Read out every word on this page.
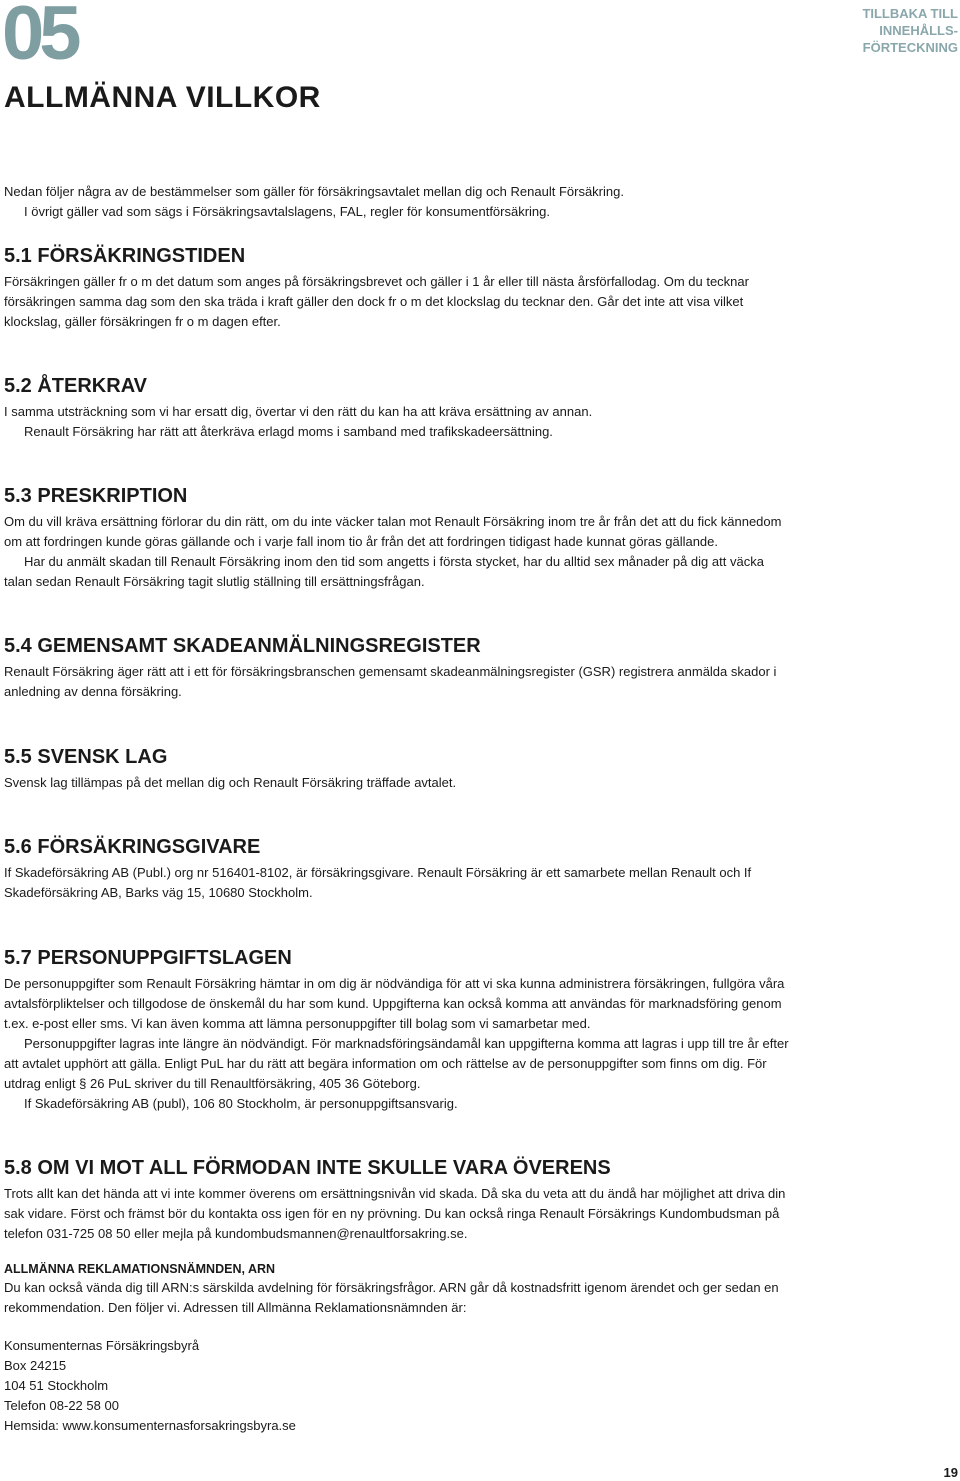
05
ALLMÄNNA VILLKOR
TILLBAKA TILL
INNEHÅLLS-
FÖRTECKNING

Nedan följer några av de bestämmelser som gäller för försäkringsavtalet mellan dig och Renault Försäkring.

I övrigt gäller vad som sägs i Försäkringsavtalslagens, FAL, regler för konsumentförsäkring.

5.1 FÖRSÄKRINGSTIDEN

Försäkringen gäller fr o m det datum som anges på försäkringsbrevet och gäller i 1 år eller till nästa årsförfallodag. Om du tecknar försäkringen samma dag som den ska träda i kraft gäller den dock fr o m det klockslag du tecknar den. Går det inte att visa vilket klockslag, gäller försäkringen fr o m dagen efter.

5.2 ÅTERKRAV

I samma utsträckning som vi har ersatt dig, övertar vi den rätt du kan ha att kräva ersättning av annan.

Renault Försäkring har rätt att återkräva erlagd moms i samband med trafikskadeersättning.

5.3 PRESKRIPTION

Om du vill kräva ersättning förlorar du din rätt, om du inte väcker talan mot Renault Försäkring inom tre år från det att du fick kännedom om att fordringen kunde göras gällande och i varje fall inom tio år från det att fordringen tidigast hade kunnat göras gällande.

Har du anmält skadan till Renault Försäkring inom den tid som angetts i första stycket, har du alltid sex månader på dig att väcka talan sedan Renault Försäkring tagit slutlig ställning till ersättningsfrågan.

5.4 GEMENSAMT SKADEANMÄLNINGSREGISTER

Renault Försäkring äger rätt att i ett för försäkringsbranschen gemensamt skadeanmälningsregister (GSR) registrera anmälda skador i anledning av denna försäkring.

5.5 SVENSK LAG

Svensk lag tillämpas på det mellan dig och Renault Försäkring träffade avtalet.

5.6 FÖRSÄKRINGSGIVARE

If Skadeförsäkring AB (Publ.) org nr 516401-8102, är försäkringsgivare. Renault Försäkring är ett samarbete mellan Renault och If Skadeförsäkring AB, Barks väg 15, 10680 Stockholm.

5.7 PERSONUPPGIFTSLAGEN

De personuppgifter som Renault Försäkring hämtar in om dig är nödvändiga för att vi ska kunna administrera försäkringen, fullgöra våra avtalsförpliktelser och tillgodose de önskemål du har som kund. Uppgifterna kan också komma att användas för marknadsföring genom t.ex. e-post eller sms. Vi kan även komma att lämna personuppgifter till bolag som vi samarbetar med.

Personuppgifter lagras inte längre än nödvändigt. För marknadsföringsändamål kan uppgifterna komma att lagras i upp till tre år efter att avtalet upphört att gälla. Enligt PuL har du rätt att begära information om och rättelse av de personuppgifter som finns om dig. För utdrag enligt § 26 PuL skriver du till Renaultförsäkring, 405 36 Göteborg.

If Skadeförsäkring AB (publ), 106 80 Stockholm, är personuppgiftsansvarig.

5.8 OM VI MOT ALL FÖRMODAN INTE SKULLE VARA ÖVERENS

Trots allt kan det hända att vi inte kommer överens om ersättningsnivån vid skada. Då ska du veta att du ändå har möjlighet att driva din sak vidare. Först och främst bör du kontakta oss igen för en ny prövning. Du kan också ringa Renault Försäkrings Kundombudsman på telefon 031-725 08 50 eller mejla på kundombudsmannen@renaultforsakring.se.

ALLMÄNNA REKLAMATIONSNÄMNDEN, ARN

Du kan också vända dig till ARN:s särskilda avdelning för försäkringsfrågor. ARN går då kostnadsfritt igenom ärendet och ger sedan en rekommendation. Den följer vi. Adressen till Allmänna Reklamationsnämnden är:

Konsumenternas Försäkringsbyrå
Box 24215
104 51 Stockholm
Telefon 08-22 58 00
Hemsida: www.konsumenternasforsakringsbyra.se
19
